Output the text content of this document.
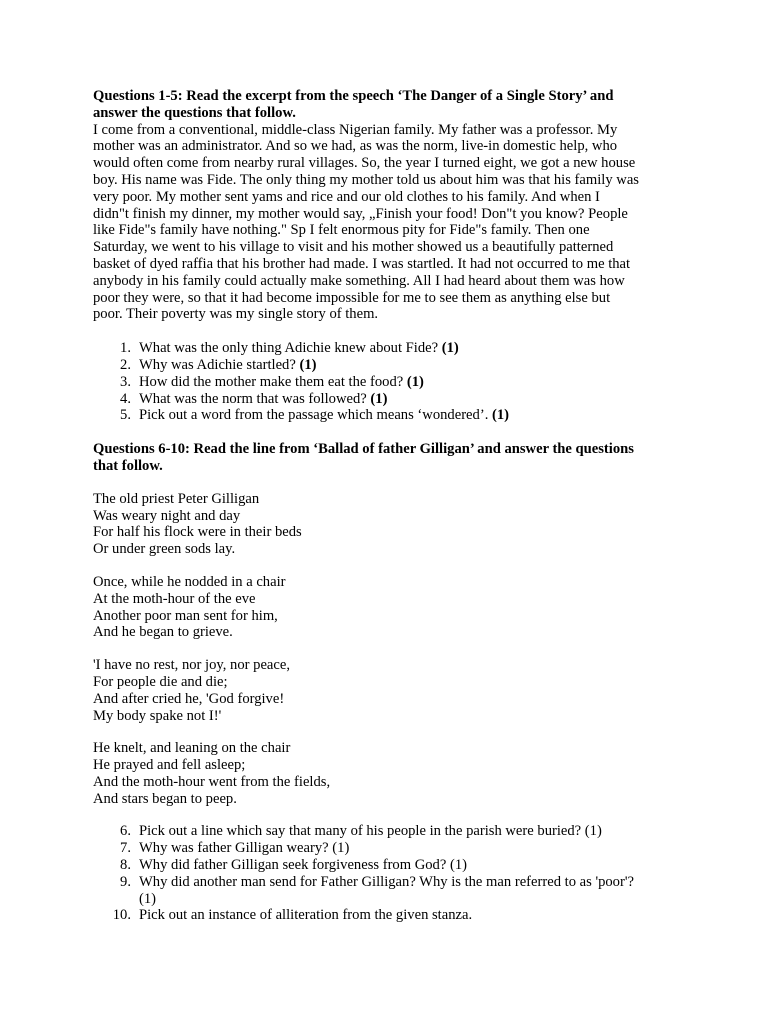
Questions 1-5: Read the excerpt from the speech ‘The Danger of a Single Story’ and
answer the questions that follow.

I come from a conventional, middle-class Nigerian family. My father was a professor. My
mother was an administrator. And so we had, as was the norm, live-in domestic help, who
would often come from nearby rural villages. So, the year I turned eight, we got a new house
boy. His name was Fide. The only thing my mother told us about him was that his family was
very poor. My mother sent yams and rice and our old clothes to his family. And when I
didn"t finish my dinner, my mother would say, „Finish your food! Don"t you know? People
like Fide"s family have nothing." Sp I felt enormous pity for Fide"s family. Then one
Saturday, we went to his village to visit and his mother showed us a beautifully patterned
basket of dyed raffia that his brother had made. I was startled. It had not occurred to me that
anybody in his family could actually make something. All I had heard about them was how
poor they were, so that it had become impossible for me to see them as anything else but
poor. Their poverty was my single story of them.

1. What was the only thing Adichie knew about Fide? (1)
2. Why was Adichie startled? (1)
3. How did the mother make them eat the food? (1)
4. What was the norm that was followed? (1)
5. Pick out a word from the passage which means ‘wondered’. (1)

Questions 6-10: Read the line from ‘Ballad of father Gilligan’ and answer the questions
that follow.

The old priest Peter Gilligan
Was weary night and day
For half his flock were in their beds
Or under green sods lay.

Once, while he nodded in a chair
At the moth-hour of the eve
Another poor man sent for him,
And he began to grieve.

'I have no rest, nor joy, nor peace,
For people die and die;
And after cried he, 'God forgive!
My body spake not I!'

He knelt, and leaning on the chair
He prayed and fell asleep;
And the moth-hour went from the fields,
And stars began to peep.

6. Pick out a line which say that many of his people in the parish were buried? (1)
7. Why was father Gilligan weary? (1)
8. Why did father Gilligan seek forgiveness from God? (1)
9. Why did another man send for Father Gilligan? Why is the man referred to as 'poor'?
(1)
10. Pick out an instance of alliteration from the given stanza.
